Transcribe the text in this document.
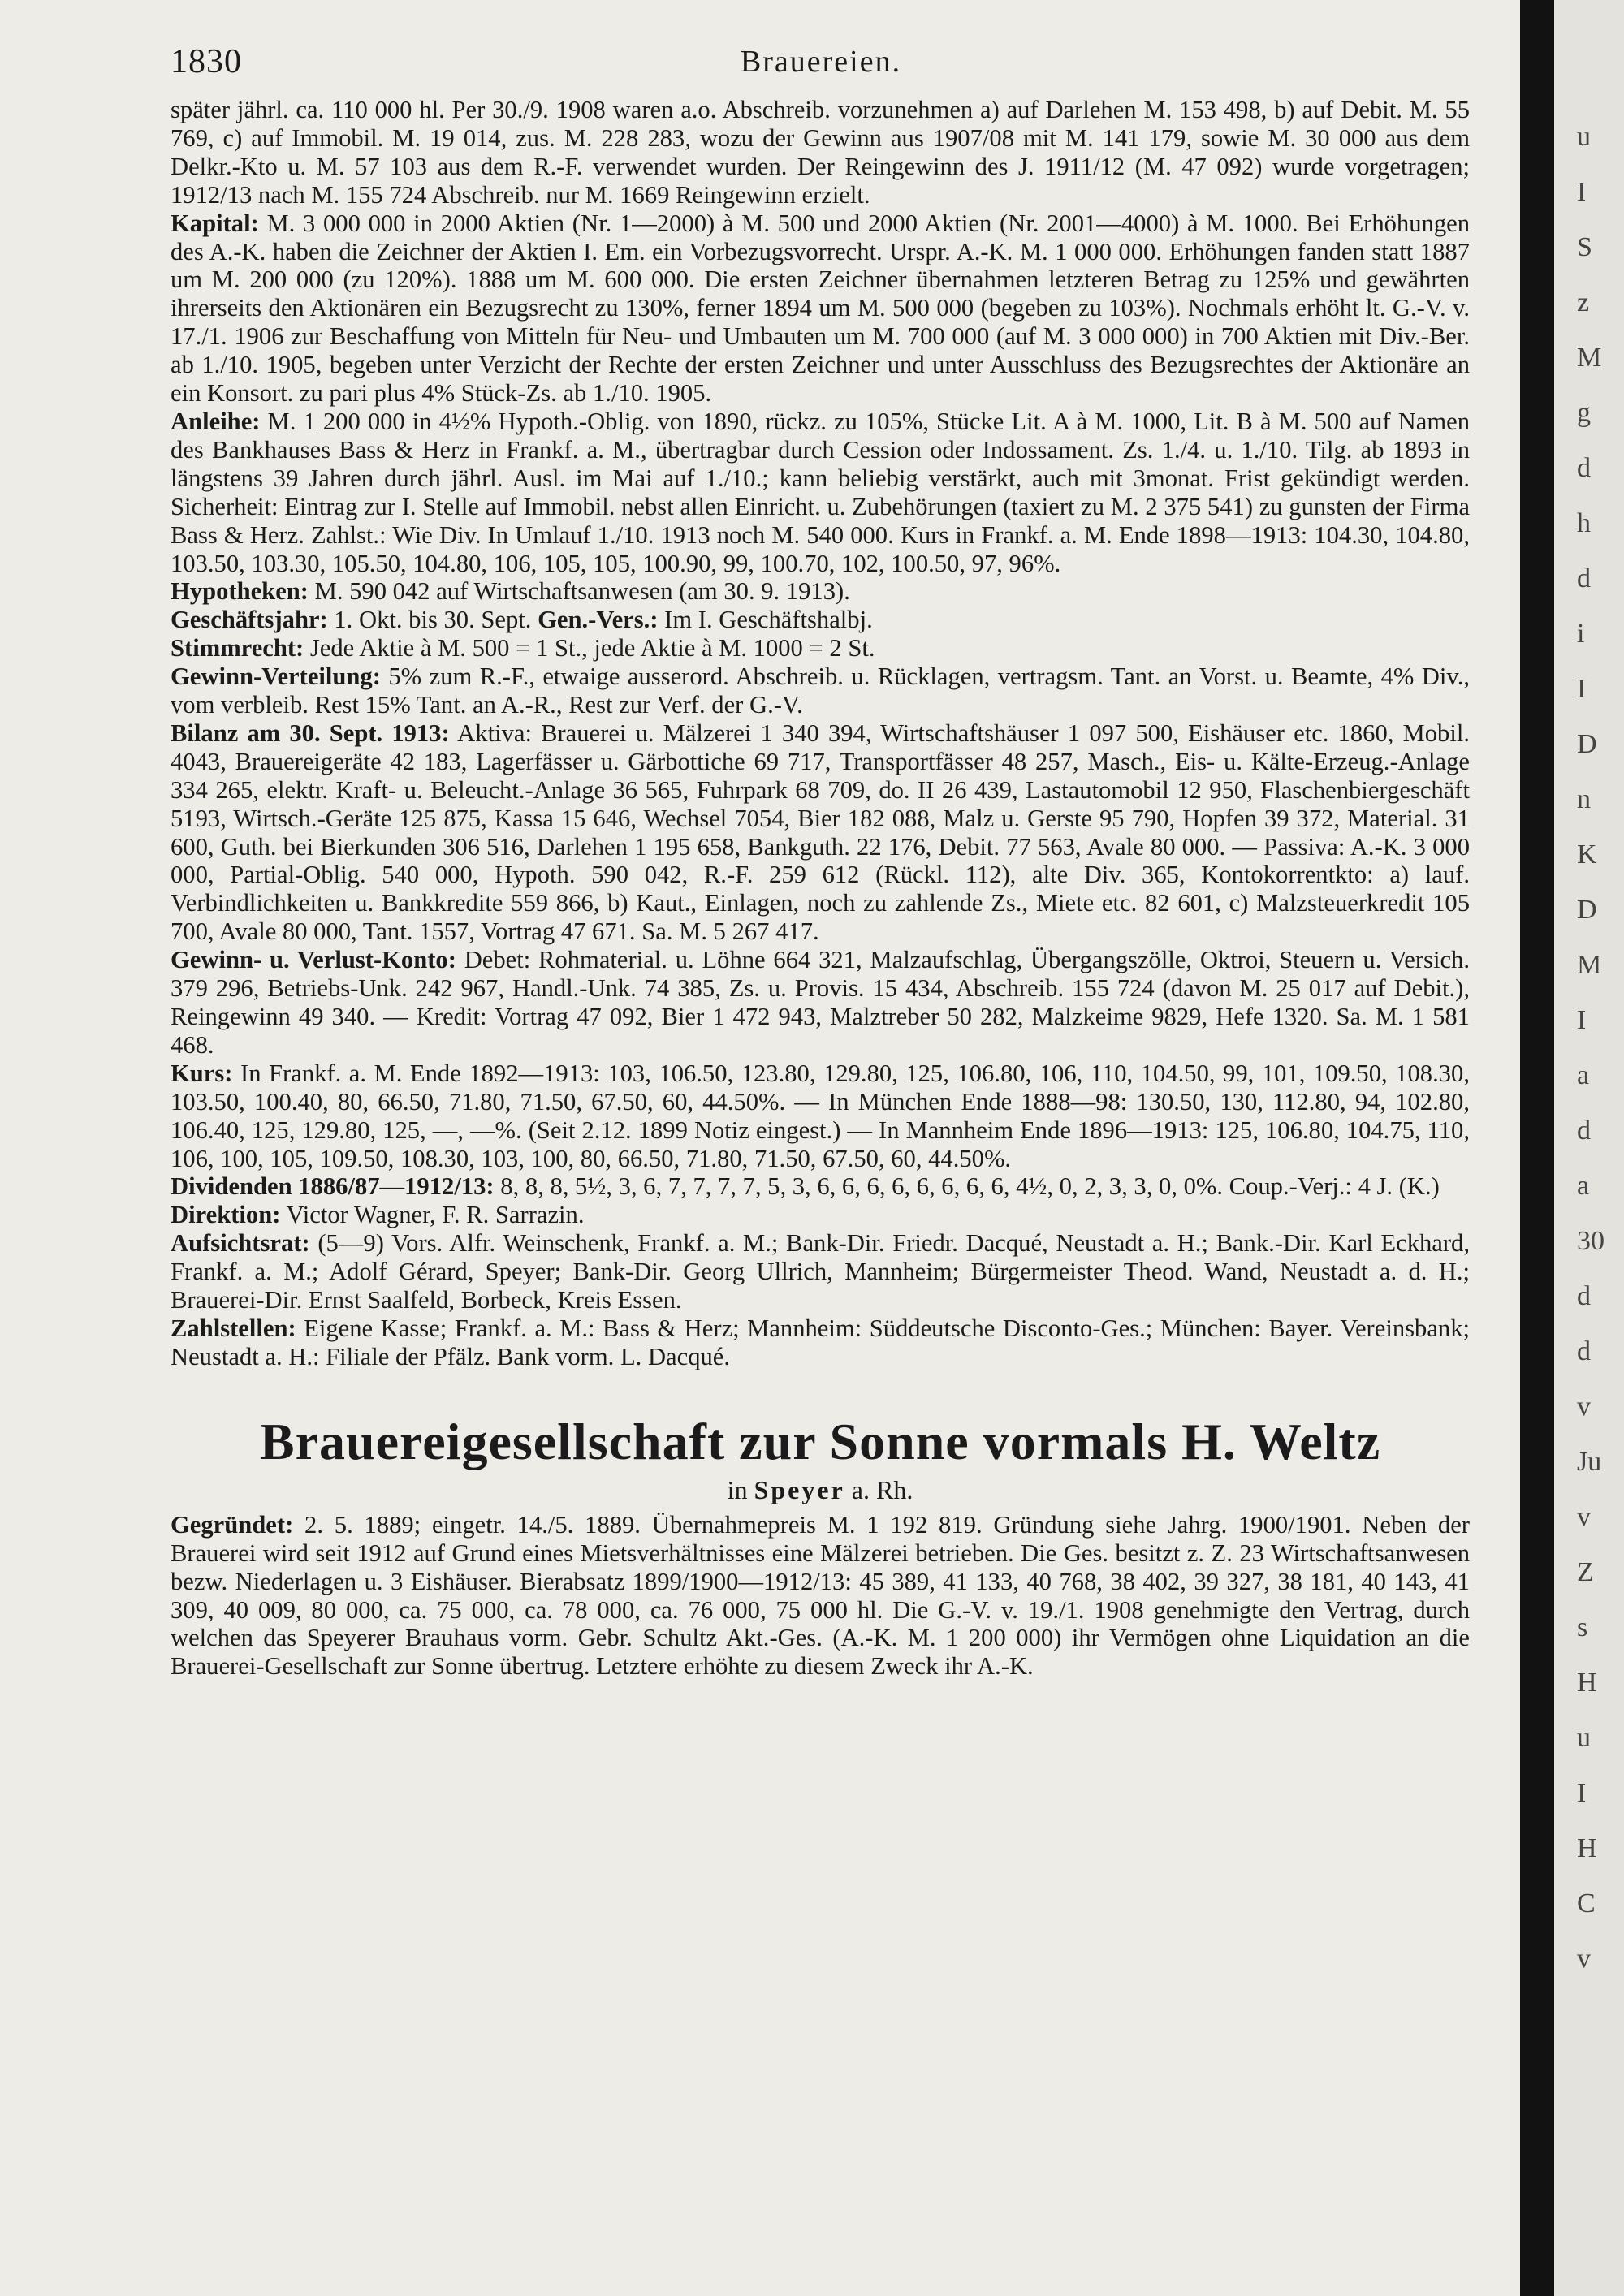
1830	Brauereien.

später jährl. ca. 110 000 hl. Per 30./9. 1908 waren a.o. Abschreib. vorzunehmen a) auf Darlehen M. 153 498, b) auf Debit. M. 55 769, c) auf Immobil. M. 19 014, zus. M. 228 283, wozu der Gewinn aus 1907/08 mit M. 141 179, sowie M. 30 000 aus dem Delkr.-Kto u. M. 57 103 aus dem R.-F. verwendet wurden. Der Reingewinn des J. 1911/12 (M. 47 092) wurde vorgetragen; 1912/13 nach M. 155 724 Abschreib. nur M. 1669 Reingewinn erzielt.

Kapital: M. 3 000 000 in 2000 Aktien (Nr. 1—2000) à M. 500 und 2000 Aktien (Nr. 2001—4000) à M. 1000. Bei Erhöhungen des A.-K. haben die Zeichner der Aktien I. Em. ein Vorbezugsvorrecht. Urspr. A.-K. M. 1 000 000. Erhöhungen fanden statt 1887 um M. 200 000 (zu 120%). 1888 um M. 600 000. Die ersten Zeichner übernahmen letzteren Betrag zu 125% und gewährten ihrerseits den Aktionären ein Bezugsrecht zu 130%, ferner 1894 um M. 500 000 (begeben zu 103%). Nochmals erhöht lt. G.-V. v. 17./1. 1906 zur Beschaffung von Mitteln für Neu- und Umbauten um M. 700 000 (auf M. 3 000 000) in 700 Aktien mit Div.-Ber. ab 1./10. 1905, begeben unter Verzicht der Rechte der ersten Zeichner und unter Ausschluss des Bezugsrechtes der Aktionäre an ein Konsort. zu pari plus 4% Stück-Zs. ab 1./10. 1905.

Anleihe: M. 1 200 000 in 4½% Hypoth.-Oblig. von 1890, rückz. zu 105%, Stücke Lit. A à M. 1000, Lit. B à M. 500 auf Namen des Bankhauses Bass & Herz in Frankf. a. M., übertragbar durch Cession oder Indossament. Zs. 1./4. u. 1./10. Tilg. ab 1893 in längstens 39 Jahren durch jährl. Ausl. im Mai auf 1./10.; kann beliebig verstärkt, auch mit 3monat. Frist gekündigt werden. Sicherheit: Eintrag zur I. Stelle auf Immobil. nebst allen Einricht. u. Zubehörungen (taxiert zu M. 2 375 541) zu gunsten der Firma Bass & Herz. Zahlst.: Wie Div. In Umlauf 1./10. 1913 noch M. 540 000. Kurs in Frankf. a. M. Ende 1898—1913: 104.30, 104.80, 103.50, 103.30, 105.50, 104.80, 106, 105, 105, 100.90, 99, 100.70, 102, 100.50, 97, 96%.

Hypotheken: M. 590 042 auf Wirtschaftsanwesen (am 30. 9. 1913).

Geschäftsjahr: 1. Okt. bis 30. Sept. Gen.-Vers.: Im I. Geschäftshalbj.

Stimmrecht: Jede Aktie à M. 500 = 1 St., jede Aktie à M. 1000 = 2 St.

Gewinn-Verteilung: 5% zum R.-F., etwaige ausserord. Abschreib. u. Rücklagen, vertragsm. Tant. an Vorst. u. Beamte, 4% Div., vom verbleib. Rest 15% Tant. an A.-R., Rest zur Verf. der G.-V.

Bilanz am 30. Sept. 1913: Aktiva: Brauerei u. Mälzerei 1 340 394, Wirtschaftshäuser 1 097 500, Eishäuser etc. 1860, Mobil. 4043, Brauereigeräte 42 183, Lagerfässer u. Gärbottiche 69 717, Transportfässer 48 257, Masch., Eis- u. Kälte-Erzeug.-Anlage 334 265, elektr. Kraft- u. Beleucht.-Anlage 36 565, Fuhrpark 68 709, do. II 26 439, Lastautomobil 12 950, Flaschenbiergeschäft 5193, Wirtsch.-Geräte 125 875, Kassa 15 646, Wechsel 7054, Bier 182 088, Malz u. Gerste 95 790, Hopfen 39 372, Material. 31 600, Guth. bei Bierkunden 306 516, Darlehen 1 195 658, Bankguth. 22 176, Debit. 77 563, Avale 80 000. — Passiva: A.-K. 3 000 000, Partial-Oblig. 540 000, Hypoth. 590 042, R.-F. 259 612 (Rückl. 112), alte Div. 365, Kontokorrentkto: a) lauf. Verbindlichkeiten u. Bankkredite 559 866, b) Kaut., Einlagen, noch zu zahlende Zs., Miete etc. 82 601, c) Malzsteuerkredit 105 700, Avale 80 000, Tant. 1557, Vortrag 47 671. Sa. M. 5 267 417.

Gewinn- u. Verlust-Konto: Debet: Rohmaterial. u. Löhne 664 321, Malzaufschlag, Übergangszölle, Oktroi, Steuern u. Versich. 379 296, Betriebs-Unk. 242 967, Handl.-Unk. 74 385, Zs. u. Provis. 15 434, Abschreib. 155 724 (davon M. 25 017 auf Debit.), Reingewinn 49 340. — Kredit: Vortrag 47 092, Bier 1 472 943, Malztreber 50 282, Malzkeime 9829, Hefe 1320. Sa. M. 1 581 468.

Kurs: In Frankf. a. M. Ende 1892—1913: 103, 106.50, 123.80, 129.80, 125, 106.80, 106, 110, 104.50, 99, 101, 109.50, 108.30, 103.50, 100.40, 80, 66.50, 71.80, 71.50, 67.50, 60, 44.50%. — In München Ende 1888—98: 130.50, 130, 112.80, 94, 102.80, 106.40, 125, 129.80, 125, —, —%. (Seit 2.12. 1899 Notiz eingest.) — In Mannheim Ende 1896—1913: 125, 106.80, 104.75, 110, 106, 100, 105, 109.50, 108.30, 103, 100, 80, 66.50, 71.80, 71.50, 67.50, 60, 44.50%.

Dividenden 1886/87—1912/13: 8, 8, 8, 5½, 3, 6, 7, 7, 7, 7, 5, 3, 6, 6, 6, 6, 6, 6, 6, 6, 4½, 0, 2, 3, 3, 0, 0%. Coup.-Verj.: 4 J. (K.)

Direktion: Victor Wagner, F. R. Sarrazin.

Aufsichtsrat: (5—9) Vors. Alfr. Weinschenk, Frankf. a. M.; Bank-Dir. Friedr. Dacqué, Neustadt a. H.; Bank.-Dir. Karl Eckhard, Frankf. a. M.; Adolf Gérard, Speyer; Bank-Dir. Georg Ullrich, Mannheim; Bürgermeister Theod. Wand, Neustadt a. d. H.; Brauerei-Dir. Ernst Saalfeld, Borbeck, Kreis Essen.

Zahlstellen: Eigene Kasse; Frankf. a. M.: Bass & Herz; Mannheim: Süddeutsche Disconto-Ges.; München: Bayer. Vereinsbank; Neustadt a. H.: Filiale der Pfälz. Bank vorm. L. Dacqué.

Brauereigesellschaft zur Sonne vormals H. Weltz
in Speyer a. Rh.

Gegründet: 2. 5. 1889; eingetr. 14./5. 1889. Übernahmepreis M. 1 192 819. Gründung siehe Jahrg. 1900/1901. Neben der Brauerei wird seit 1912 auf Grund eines Mietsverhältnisses eine Mälzerei betrieben. Die Ges. besitzt z. Z. 23 Wirtschaftsanwesen bezw. Niederlagen u. 3 Eishäuser. Bierabsatz 1899/1900—1912/13: 45 389, 41 133, 40 768, 38 402, 39 327, 38 181, 40 143, 41 309, 40 009, 80 000, ca. 75 000, ca. 78 000, ca. 76 000, 75 000 hl. Die G.-V. v. 19./1. 1908 genehmigte den Vertrag, durch welchen das Speyerer Brauhaus vorm. Gebr. Schultz Akt.-Ges. (A.-K. M. 1 200 000) ihr Vermögen ohne Liquidation an die Brauerei-Gesellschaft zur Sonne übertrug. Letztere erhöhte zu diesem Zweck ihr A.-K.

u
I
S
z
M
g
d
h
d
i
I
D
n
K
D
M
I
a
d
a
30
d
d
v
Ju
v
Z
s
H
u
I
H
C
v
